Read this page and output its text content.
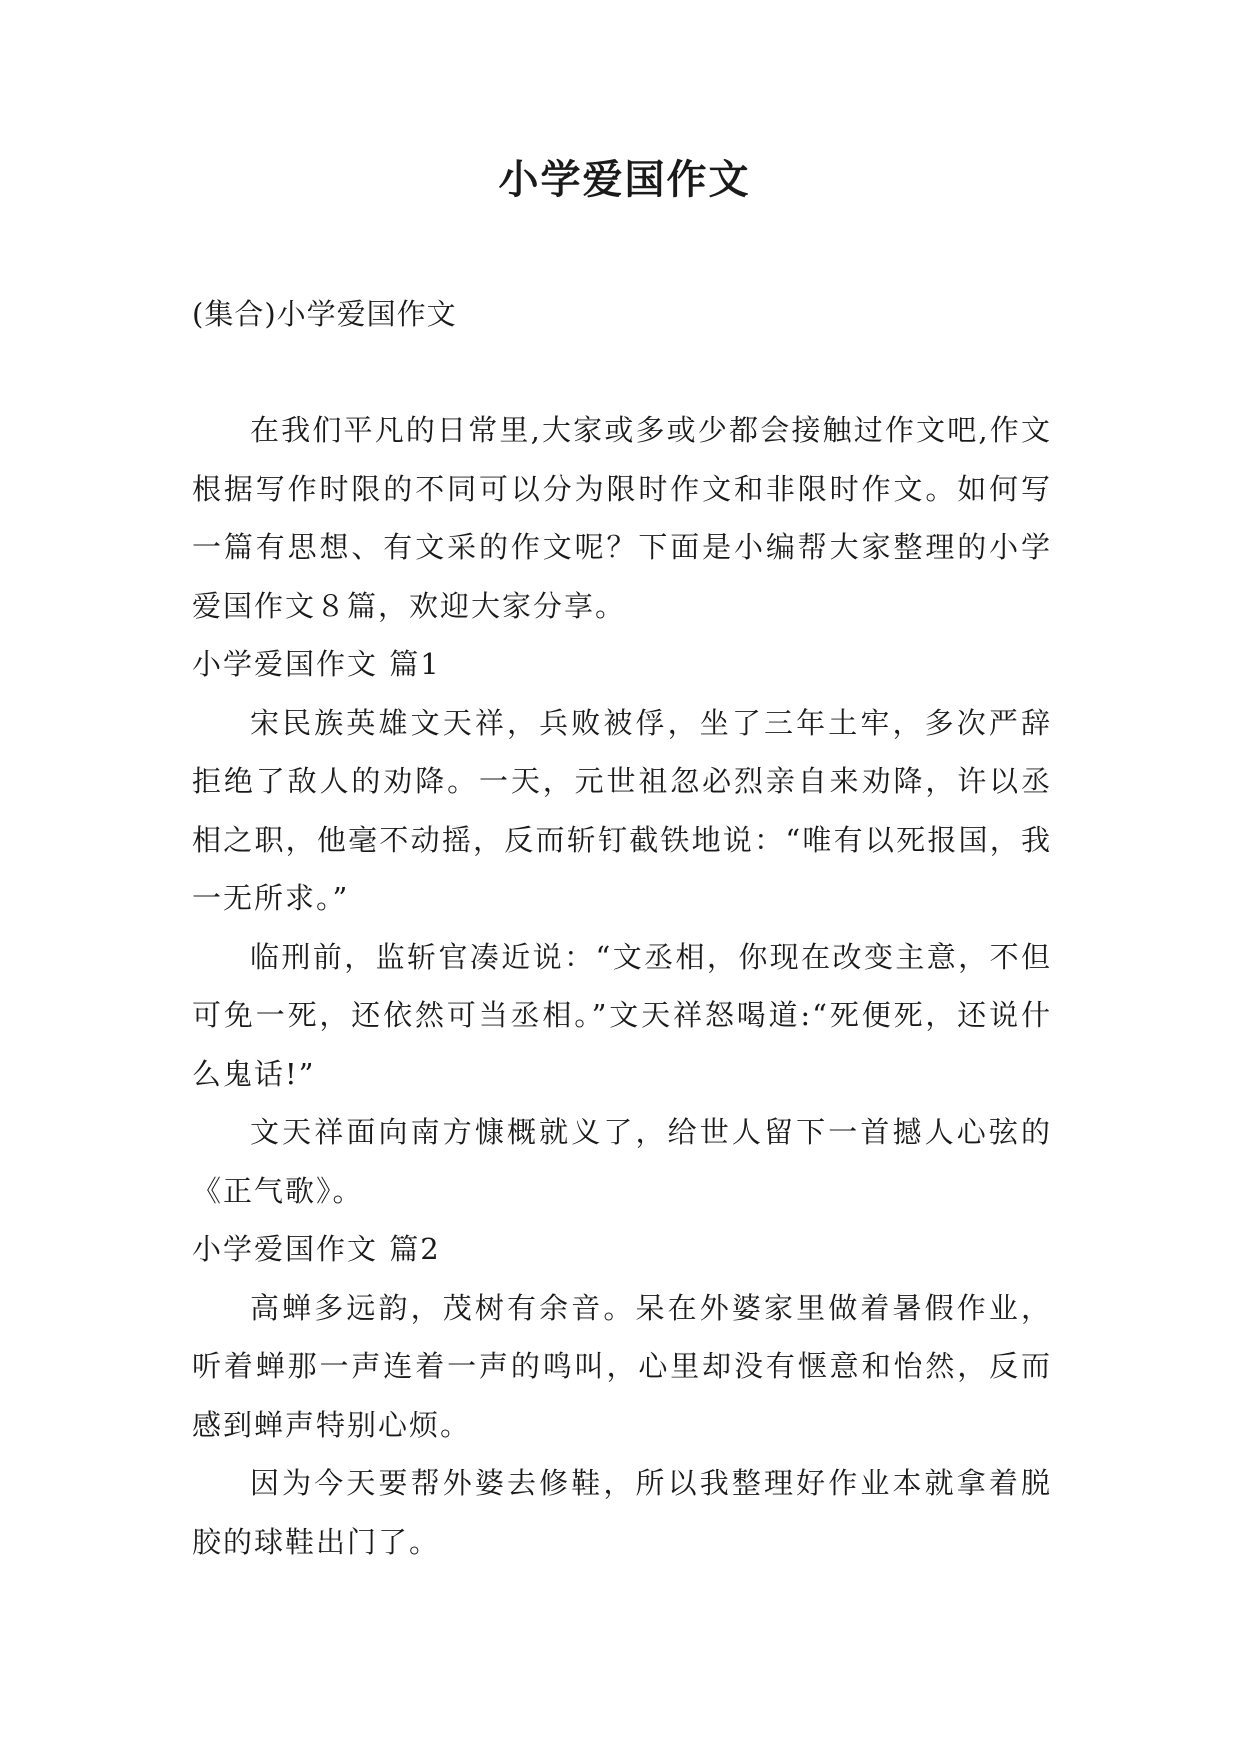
小学爱国作文

(集合)小学爱国作文

在我们平凡的日常里,大家或多或少都会接触过作文吧,作文根据写作时限的不同可以分为限时作文和非限时作文。如何写一篇有思想、有文采的作文呢？下面是小编帮大家整理的小学爱国作文８篇，欢迎大家分享。

小学爱国作文 篇1

宋民族英雄文天祥，兵败被俘，坐了三年土牢，多次严辞拒绝了敌人的劝降。一天，元世祖忽必烈亲自来劝降，许以丞相之职，他毫不动摇，反而斩钉截铁地说：“唯有以死报国，我一无所求。”

临刑前，监斩官凑近说：“文丞相，你现在改变主意，不但可免一死，还依然可当丞相。”文天祥怒喝道:“死便死，还说什么鬼话!”

文天祥面向南方慷概就义了，给世人留下一首撼人心弦的《正气歌》。

小学爱国作文 篇2

高蝉多远韵，茂树有余音。呆在外婆家里做着暑假作业，听着蝉那一声连着一声的鸣叫，心里却没有惬意和怡然，反而感到蝉声特别心烦。

因为今天要帮外婆去修鞋，所以我整理好作业本就拿着脱胶的球鞋出门了。
